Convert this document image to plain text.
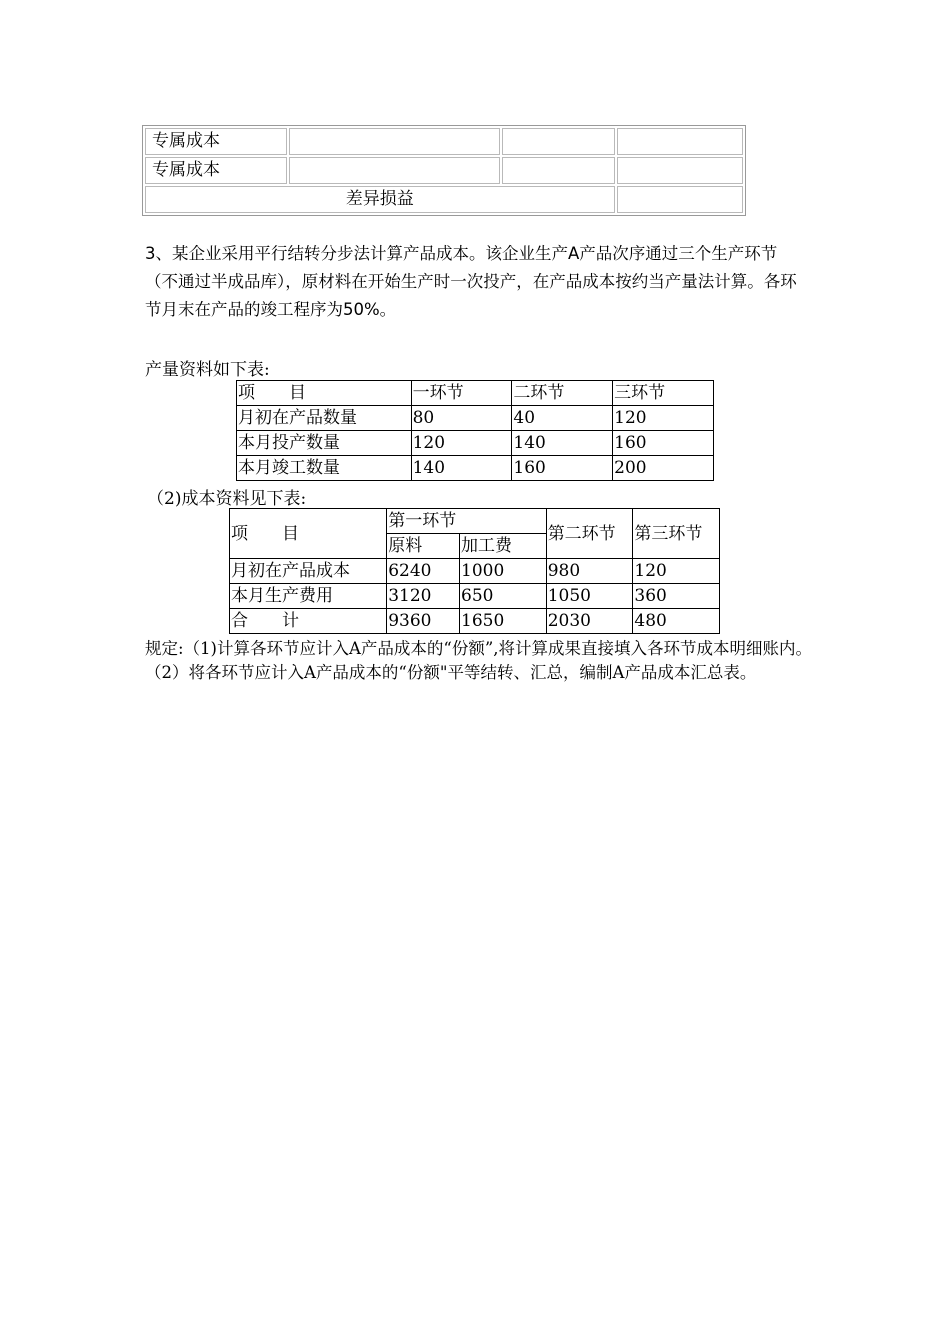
专属成本			
专属成本			
差异损益			

3、某企业采用平行结转分步法计算产品成本。该企业生产A产品次序通过三个生产环节（不通过半成品库），原材料在开始生产时一次投产，在产品成本按约当产量法计算。各环节月末在产品的竣工程序为50%。

产量资料如下表:

项　　目	一环节	二环节	三环节
月初在产品数量	80	40	120
本月投产数量	120	140	160
本月竣工数量	140	160	200

（2)成本资料见下表:

项　　目	第一环节		第二环节	第三环节
	原料	加工费		
月初在产品成本	6240	1000	980	120
本月生产费用	3120	650	1050	360
合　　计	9360	1650	2030	480

规定:（1)计算各环节应计入A产品成本的“份额”,将计算成果直接填入各环节成本明细账内。（2）将各环节应计入A产品成本的“份额"平等结转、汇总，编制A产品成本汇总表。
